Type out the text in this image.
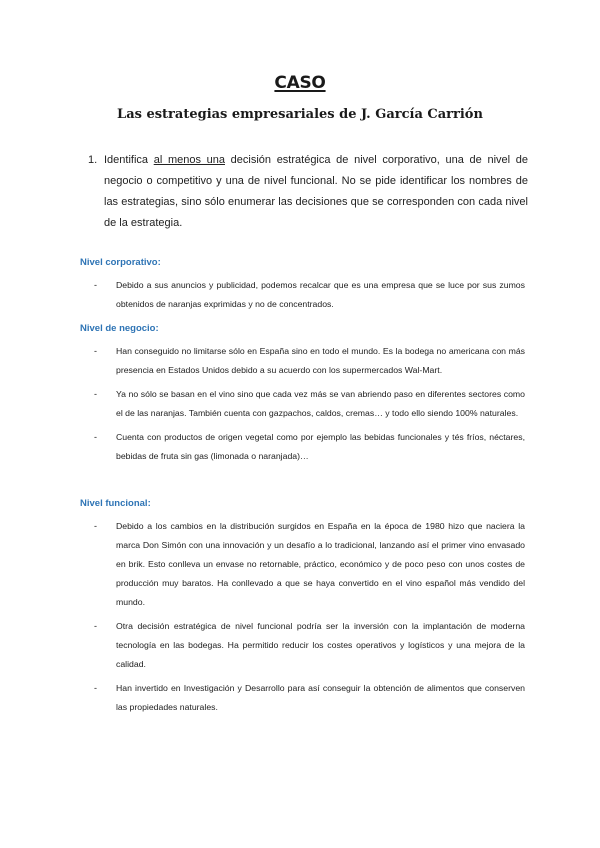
CASO
Las estrategias empresariales de J. García Carrión
1. Identifica al menos una decisión estratégica de nivel corporativo, una de nivel de negocio o competitivo y una de nivel funcional. No se pide identificar los nombres de las estrategias, sino sólo enumerar las decisiones que se corresponden con cada nivel de la estrategia.
Nivel corporativo:
- Debido a sus anuncios y publicidad, podemos recalcar que es una empresa que se luce por sus zumos obtenidos de naranjas exprimidas y no de concentrados.
Nivel de negocio:
- Han conseguido no limitarse sólo en España sino en todo el mundo. Es la bodega no americana con más presencia en Estados Unidos debido a su acuerdo con los supermercados Wal-Mart.
- Ya no sólo se basan en el vino sino que cada vez más se van abriendo paso en diferentes sectores como el de las naranjas. También cuenta con gazpachos, caldos, cremas… y todo ello siendo 100% naturales.
- Cuenta con productos de origen vegetal como por ejemplo las bebidas funcionales y tés fríos, néctares, bebidas de fruta sin gas (limonada o naranjada)…
Nivel funcional:
- Debido a los cambios en la distribución surgidos en España en la época de 1980 hizo que naciera la marca Don Simón con una innovación y un desafío a lo tradicional, lanzando así el primer vino envasado en brik. Esto conlleva un envase no retornable, práctico, económico y de poco peso con unos costes de producción muy baratos. Ha conllevado a que se haya convertido en el vino español más vendido del mundo.
- Otra decisión estratégica de nivel funcional podría ser la inversión con la implantación de moderna tecnología en las bodegas. Ha permitido reducir los costes operativos y logísticos y una mejora de la calidad.
- Han invertido en Investigación y Desarrollo para así conseguir la obtención de alimentos que conserven las propiedades naturales.
